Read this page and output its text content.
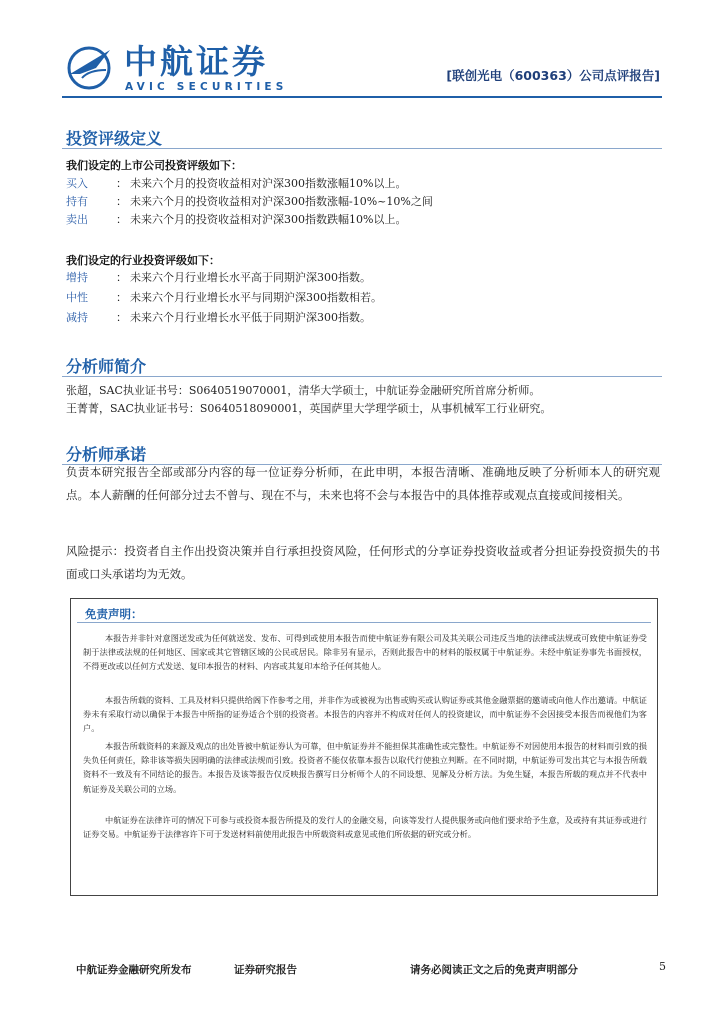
AVIC
中航证券
AVIC SECURITIES
[联创光电（600363）公司点评报告]
投资评级定义
我们设定的上市公司投资评级如下：
买入	： 未来六个月的投资收益相对沪深300指数涨幅10%以上。
持有	： 未来六个月的投资收益相对沪深300指数涨幅-10%~10%之间
卖出	： 未来六个月的投资收益相对沪深300指数跌幅10%以上。
我们设定的行业投资评级如下：
增持	： 未来六个月行业增长水平高于同期沪深300指数。
中性	： 未来六个月行业增长水平与同期沪深300指数相若。
减持	： 未来六个月行业增长水平低于同期沪深300指数。
分析师简介
张超，SAC执业证书号：S0640519070001，清华大学硕士，中航证券金融研究所首席分析师。
王菁菁，SAC执业证书号：S0640518090001，英国萨里大学理学硕士，从事机械军工行业研究。
分析师承诺
负责本研究报告全部或部分内容的每一位证券分析师，在此申明，本报告清晰、准确地反映了分析师本人的研究观点。本人薪酬的任何部分过去不曾与、现在不与，未来也将不会与本报告中的具体推荐或观点直接或间接相关。
风险提示：投资者自主作出投资决策并自行承担投资风险，任何形式的分享证券投资收益或者分担证券投资损失的书面或口头承诺均为无效。
免责声明：
本报告并非针对意图送发或为任何就送发、发布、可得到或使用本报告而使中航证券有限公司及其关联公司违反当地的法律或法规或可致使中航证券受制于法律或法规的任何地区、国家或其它管辖区域的公民或居民。除非另有显示，否则此报告中的材料的版权属于中航证券。未经中航证券事先书面授权，不得更改或以任何方式发送、复印本报告的材料、内容或其复印本给予任何其他人。
本报告所载的资料、工具及材料只提供给阁下作参考之用，并非作为或被视为出售或购买或认购证券或其他金融票据的邀请或向他人作出邀请。中航证券未有采取行动以确保于本报告中所指的证券适合个别的投资者。本报告的内容并不构成对任何人的投资建议，而中航证券不会因接受本报告而视他们为客户。
本报告所载资料的来源及观点的出处皆被中航证券认为可靠，但中航证券并不能担保其准确性或完整性。中航证券不对因使用本报告的材料而引致的损失负任何责任，除非该等损失因明确的法律或法规而引致。投资者不能仅依靠本报告以取代行使独立判断。在不同时期，中航证券可发出其它与本报告所载资料不一致及有不同结论的报告。本报告及该等报告仅反映报告撰写日分析师个人的不同设想、见解及分析方法。为免生疑，本报告所载的观点并不代表中航证券及关联公司的立场。
中航证券在法律许可的情况下可参与或投资本报告所提及的发行人的金融交易，向该等发行人提供服务或向他们要求给予生意，及或持有其证券或进行证券交易。中航证券于法律容许下可于发送材料前使用此报告中所载资料或意见或他们所依据的研究或分析。
中航证券金融研究所发布	证券研究报告	请务必阅读正文之后的免责声明部分	5
